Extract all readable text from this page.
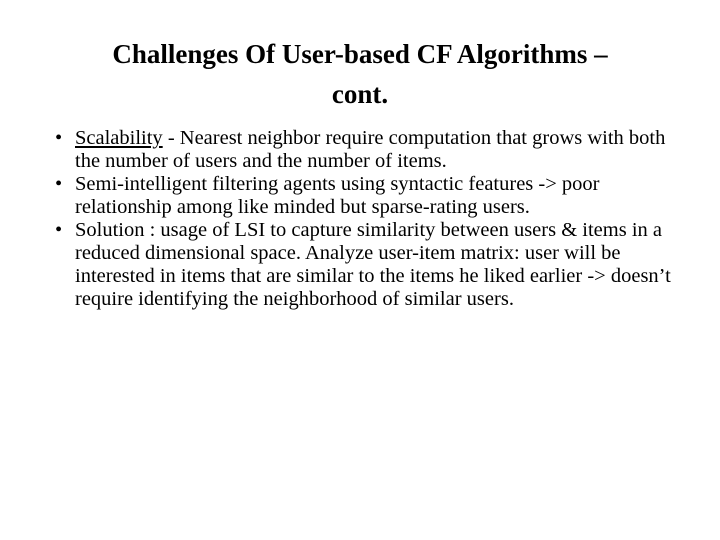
Challenges Of User-based CF Algorithms –
cont.
• Scalability - Nearest neighbor require computation that grows with both the number of users and the number of items.
• Semi-intelligent filtering agents using syntactic features -> poor relationship among like minded but sparse-rating users.
• Solution : usage of LSI to capture similarity between users & items in a reduced dimensional space. Analyze user-item matrix: user will be interested in items that are similar to the items he liked earlier -> doesn’t require identifying the neighborhood of similar users.
